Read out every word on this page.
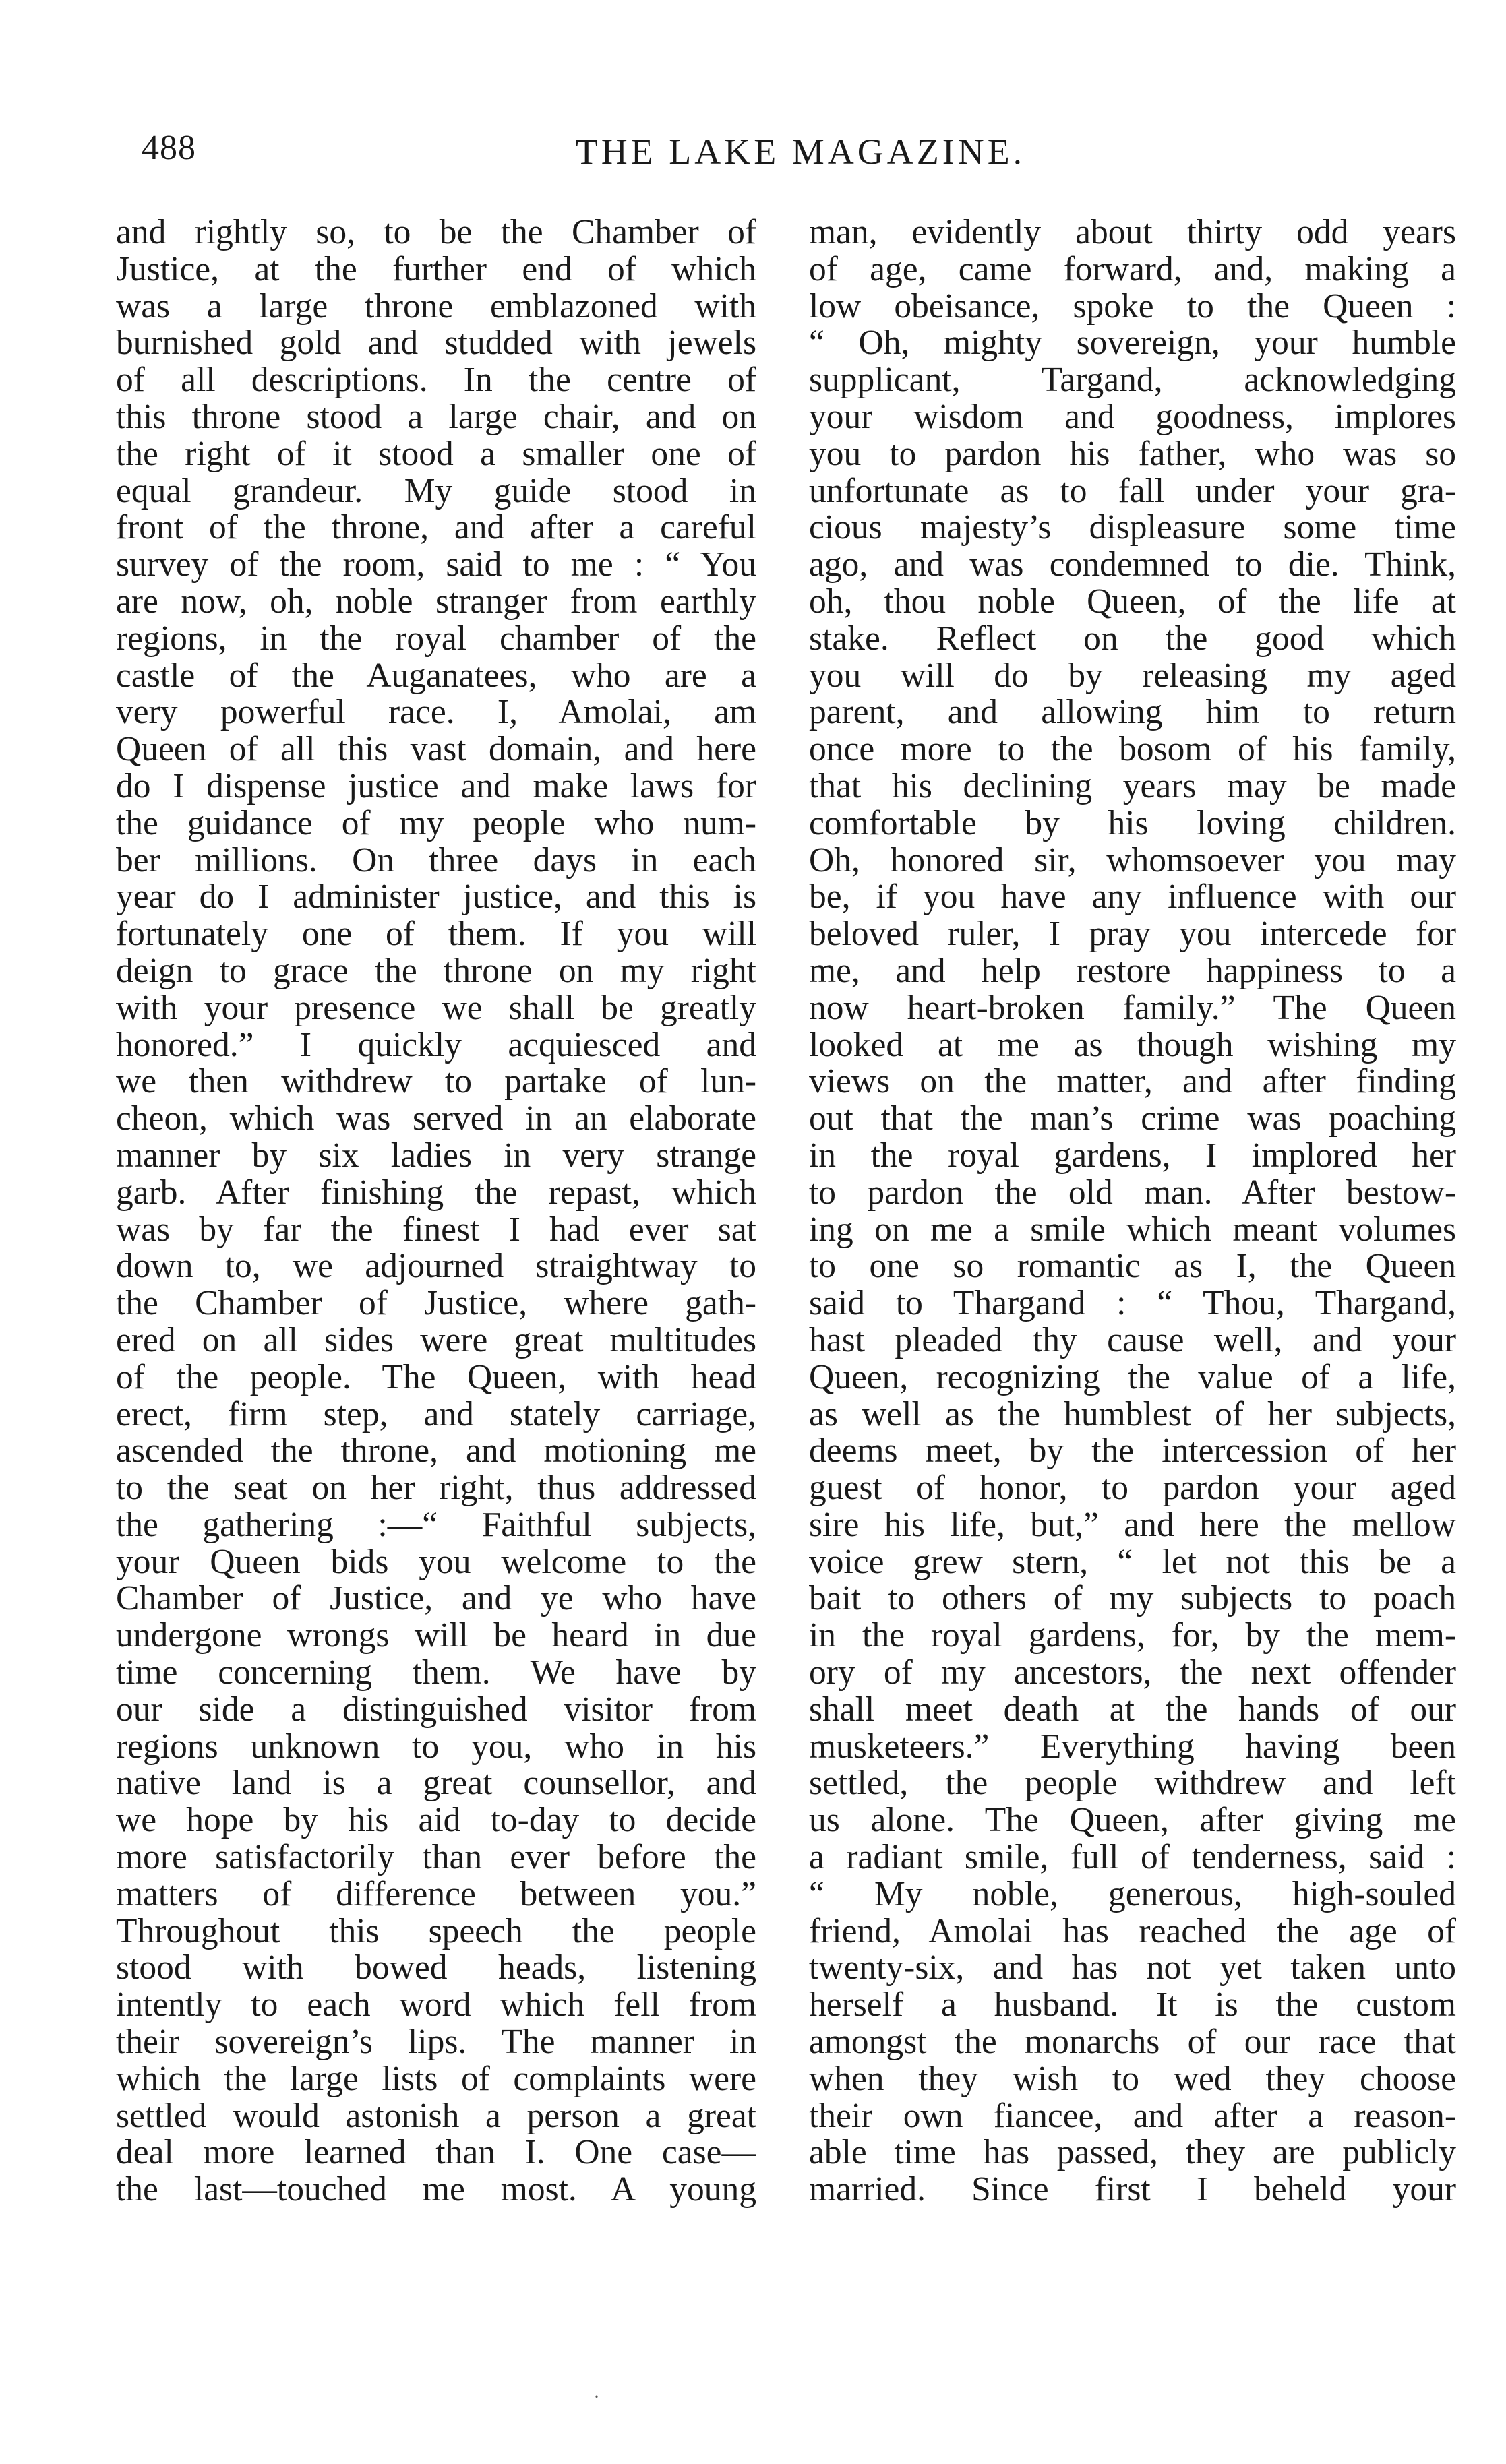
488	THE LAKE MAGAZINE.
and rightly so, to be the Chamber of
Justice, at the further end of which
was a large throne emblazoned with
burnished gold and studded with jewels
of all descriptions. In the centre of
this throne stood a large chair, and on
the right of it stood a smaller one of
equal grandeur. My guide stood in
front of the throne, and after a careful
survey of the room, said to me : “ You
are now, oh, noble stranger from earthly
regions, in the royal chamber of the
castle of the Auganatees, who are a
very powerful race. I, Amolai, am
Queen of all this vast domain, and here
do I dispense justice and make laws for
the guidance of my people who num-
ber millions. On three days in each
year do I administer justice, and this is
fortunately one of them. If you will
deign to grace the throne on my right
with your presence we shall be greatly
honored.” I quickly acquiesced and
we then withdrew to partake of lun-
cheon, which was served in an elaborate
manner by six ladies in very strange
garb. After finishing the repast, which
was by far the finest I had ever sat
down to, we adjourned straightway to
the Chamber of Justice, where gath-
ered on all sides were great multitudes
of the people. The Queen, with head
erect, firm step, and stately carriage,
ascended the throne, and motioning me
to the seat on her right, thus addressed
the gathering :—“ Faithful subjects,
your Queen bids you welcome to the
Chamber of Justice, and ye who have
undergone wrongs will be heard in due
time concerning them. We have by
our side a distinguished visitor from
regions unknown to you, who in his
native land is a great counsellor, and
we hope by his aid to-day to decide
more satisfactorily than ever before the
matters of difference between you.”
Throughout this speech the people
stood with bowed heads, listening
intently to each word which fell from
their sovereign’s lips. The manner in
which the large lists of complaints were
settled would astonish a person a great
deal more learned than I. One case—
the last—touched me most. A young
man, evidently about thirty odd years
of age, came forward, and, making a
low obeisance, spoke to the Queen :
“ Oh, mighty sovereign, your humble
supplicant, Targand, acknowledging
your wisdom and goodness, implores
you to pardon his father, who was so
unfortunate as to fall under your gra-
cious majesty’s displeasure some time
ago, and was condemned to die. Think,
oh, thou noble Queen, of the life at
stake. Reflect on the good which
you will do by releasing my aged
parent, and allowing him to return
once more to the bosom of his family,
that his declining years may be made
comfortable by his loving children.
Oh, honored sir, whomsoever you may
be, if you have any influence with our
beloved ruler, I pray you intercede for
me, and help restore happiness to a
now heart-broken family.” The Queen
looked at me as though wishing my
views on the matter, and after finding
out that the man’s crime was poaching
in the royal gardens, I implored her
to pardon the old man. After bestow-
ing on me a smile which meant volumes
to one so romantic as I, the Queen
said to Thargand : “ Thou, Thargand,
hast pleaded thy cause well, and your
Queen, recognizing the value of a life,
as well as the humblest of her subjects,
deems meet, by the intercession of her
guest of honor, to pardon your aged
sire his life, but,” and here the mellow
voice grew stern, “ let not this be a
bait to others of my subjects to poach
in the royal gardens, for, by the mem-
ory of my ancestors, the next offender
shall meet death at the hands of our
musketeers.” Everything having been
settled, the people withdrew and left
us alone. The Queen, after giving me
a radiant smile, full of tenderness, said :
“ My noble, generous, high-souled
friend, Amolai has reached the age of
twenty-six, and has not yet taken unto
herself a husband. It is the custom
amongst the monarchs of our race that
when they wish to wed they choose
their own fiancee, and after a reason-
able time has passed, they are publicly
married. Since first I beheld your
·
